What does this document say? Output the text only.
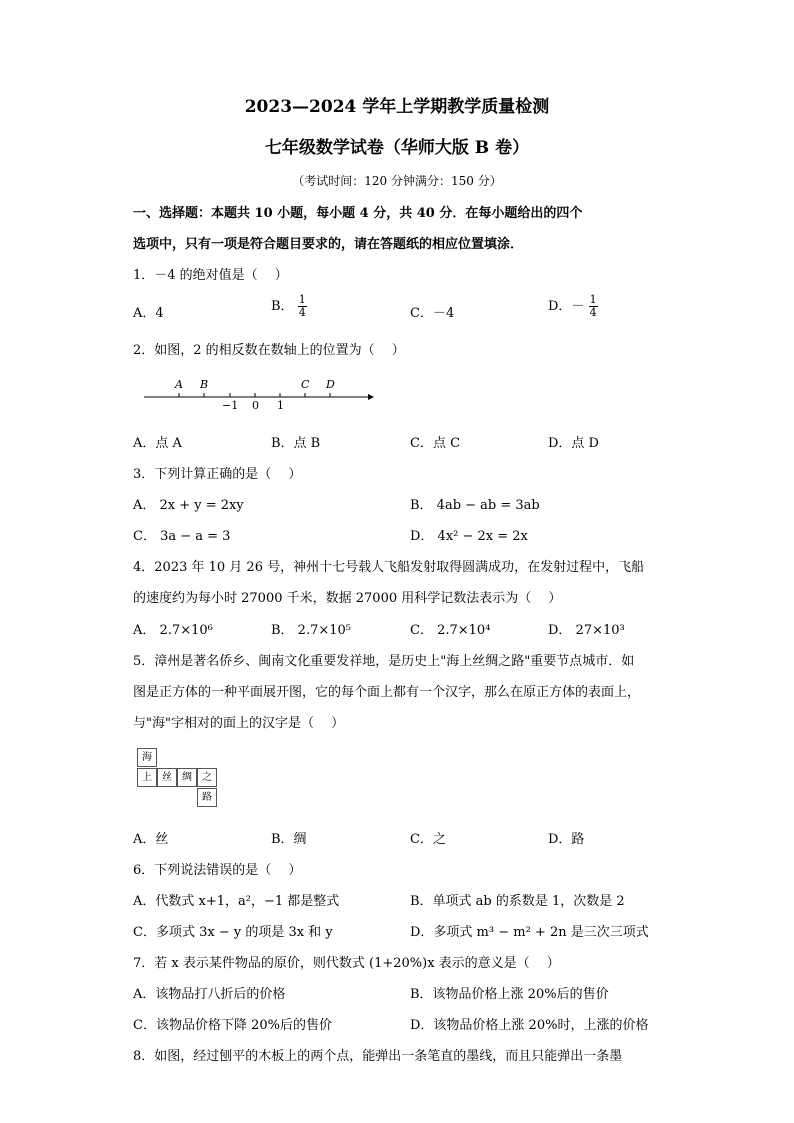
2023—2024 学年上学期教学质量检测
七年级数学试卷（华师大版 B 卷）
（考试时间：120 分钟满分：150 分）
一、选择题：本题共 10 小题，每小题 4 分，共 40 分．在每小题给出的四个
选项中，只有一项是符合题目要求的，请在答题纸的相应位置填涂．
1．－4 的绝对值是（　 ）
A．4	B． $\frac{1}{4}$	C．－4	D．－ $\frac{1}{4}$
2．如图，2 的相反数在数轴上的位置为（　 ）
A B	C D
−1 0 1
A．点 A	B．点 B	C．点 C	D．点 D
3．下列计算正确的是（　 ）
A． 2x + y = 2xy	B． 4ab − ab = 3ab
C． 3a − a = 3	D． 4x² − 2x = 2x
4．2023 年 10 月 26 号，神州十七号载人飞船发射取得圆满成功，在发射过程中，飞船
的速度约为每小时 27000 千米，数据 27000 用科学记数法表示为（　 ）
A． 2.7×10⁶	B． 2.7×10⁵	C． 2.7×10⁴	D． 27×10³
5．漳州是著名侨乡、闽南文化重要发祥地，是历史上"海上丝绸之路"重要节点城市．如
图是正方体的一种平面展开图，它的每个面上都有一个汉字，那么在原正方体的表面上，
与"海"字相对的面上的汉字是（　 ）
海
上	丝	绸	之
路
A．丝	B．绸	C．之	D．路
6．下列说法错误的是（　 ）
A．代数式 x+1，a²，−1 都是整式	B．单项式 ab 的系数是 1，次数是 2
C．多项式 3x − y 的项是 3x 和 y	D．多项式 m³ − m² + 2n 是三次三项式
7．若 x 表示某件物品的原价，则代数式 (1+20%)x 表示的意义是（　 ）
A．该物品打八折后的价格	B．该物品价格上涨 20%后的售价
C．该物品价格下降 20%后的售价	D．该物品价格上涨 20%时，上涨的价格
8．如图，经过刨平的木板上的两个点，能弹出一条笔直的墨线，而且只能弹出一条墨
